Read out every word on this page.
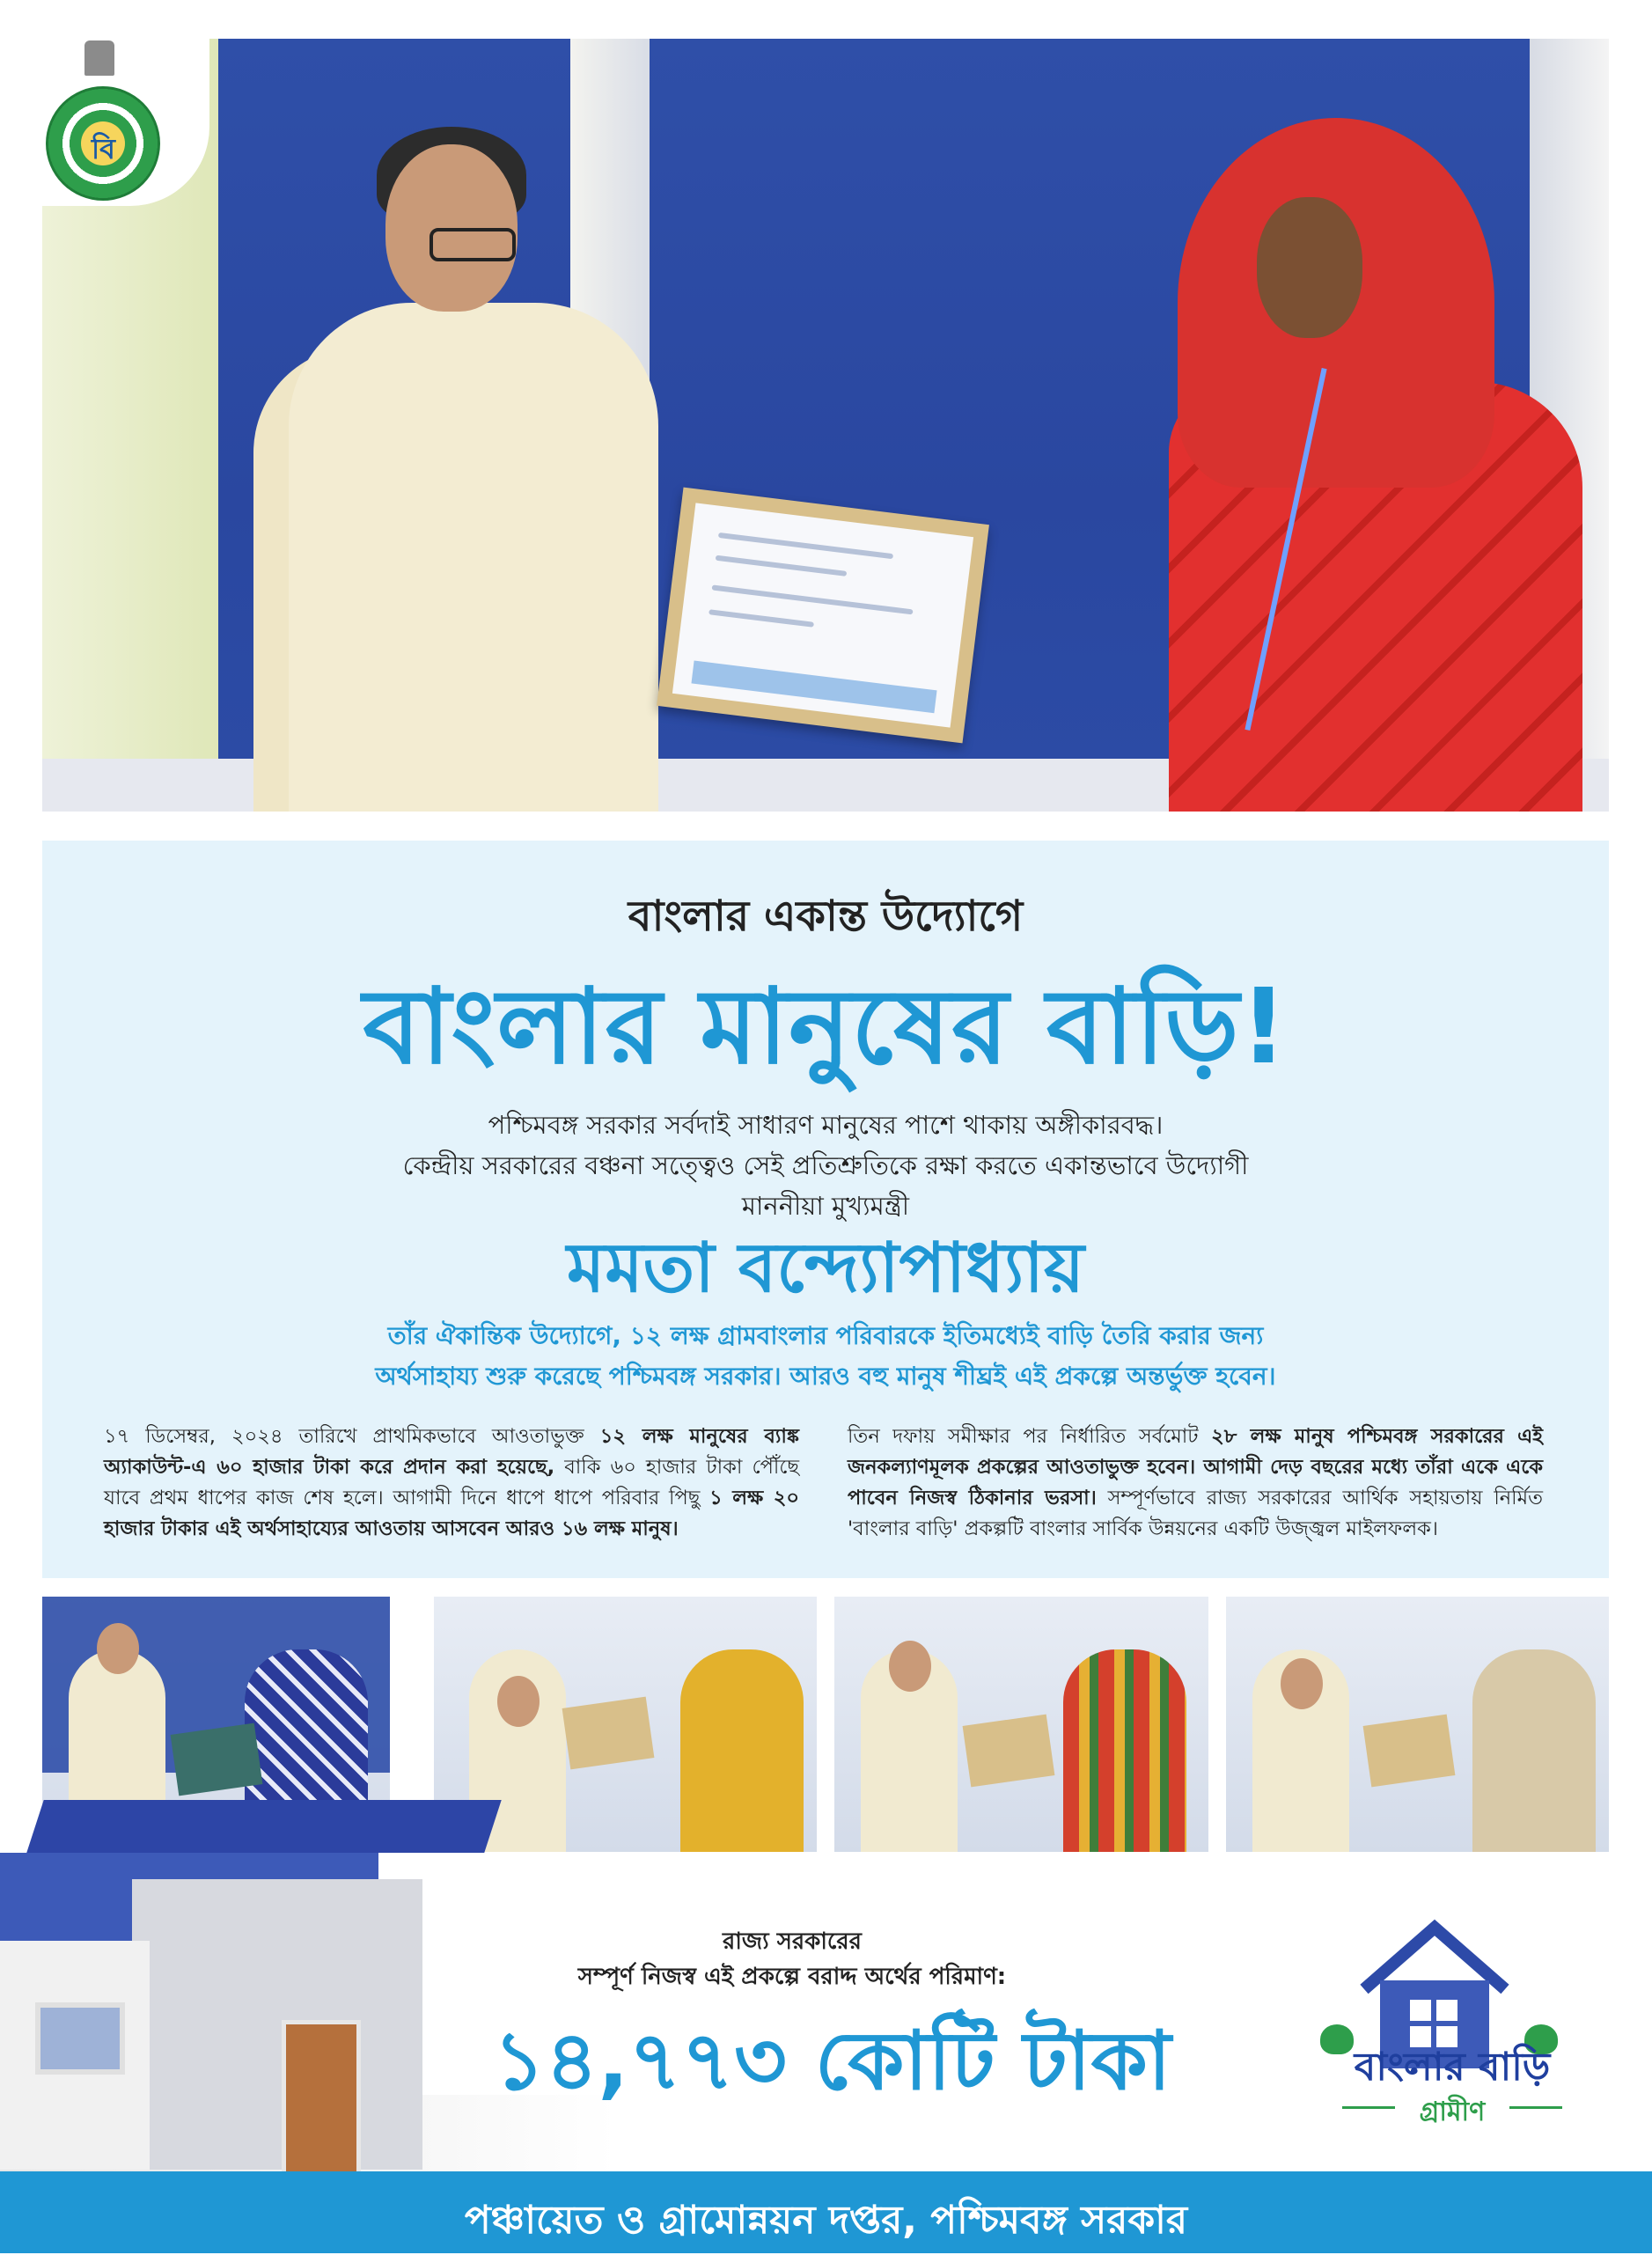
বি
বাংলার একান্ত উদ্যোগে
বাংলার মানুষের বাড়ি!
পশ্চিমবঙ্গ সরকার সর্বদাই সাধারণ মানুষের পাশে থাকায় অঙ্গীকারবদ্ধ।
কেন্দ্রীয় সরকারের বঞ্চনা সত্ত্বেও সেই প্রতিশ্রুতিকে রক্ষা করতে একান্তভাবে উদ্যোগী
মাননীয়া মুখ্যমন্ত্রী
মমতা বন্দ্যোপাধ্যায়
তাঁর ঐকান্তিক উদ্যোগে, ১২ লক্ষ গ্রামবাংলার পরিবারকে ইতিমধ্যেই বাড়ি তৈরি করার জন্য
অর্থসাহায্য শুরু করেছে পশ্চিমবঙ্গ সরকার। আরও বহু মানুষ শীঘ্রই এই প্রকল্পে অন্তর্ভুক্ত হবেন।
১৭ ডিসেম্বর, ২০২৪ তারিখে প্রাথমিকভাবে আওতাভুক্ত ১২ লক্ষ মানুষের ব্যাঙ্ক অ্যাকাউন্ট-এ ৬০ হাজার টাকা করে প্রদান করা হয়েছে, বাকি ৬০ হাজার টাকা পৌঁছে যাবে প্রথম ধাপের কাজ শেষ হলে। আগামী দিনে ধাপে ধাপে পরিবার পিছু ১ লক্ষ ২০ হাজার টাকার এই অর্থসাহায্যের আওতায় আসবেন আরও ১৬ লক্ষ মানুষ।
তিন দফায় সমীক্ষার পর নির্ধারিত সর্বমোট ২৮ লক্ষ মানুষ পশ্চিমবঙ্গ সরকারের এই জনকল্যাণমূলক প্রকল্পের আওতাভুক্ত হবেন। আগামী দেড় বছরের মধ্যে তাঁরা একে একে পাবেন নিজস্ব ঠিকানার ভরসা। সম্পূর্ণভাবে রাজ্য সরকারের আর্থিক সহায়তায় নির্মিত 'বাংলার বাড়ি' প্রকল্পটি বাংলার সার্বিক উন্নয়নের একটি উজ্জ্বল মাইলফলক।
রাজ্য সরকারের
সম্পূর্ণ নিজস্ব এই প্রকল্পে বরাদ্দ অর্থের পরিমাণ:
১৪,৭৭৩ কোটি টাকা	বাংলার বাড়ি
গ্রামীণ
পঞ্চায়েত ও গ্রামোন্নয়ন দপ্তর, পশ্চিমবঙ্গ সরকার
